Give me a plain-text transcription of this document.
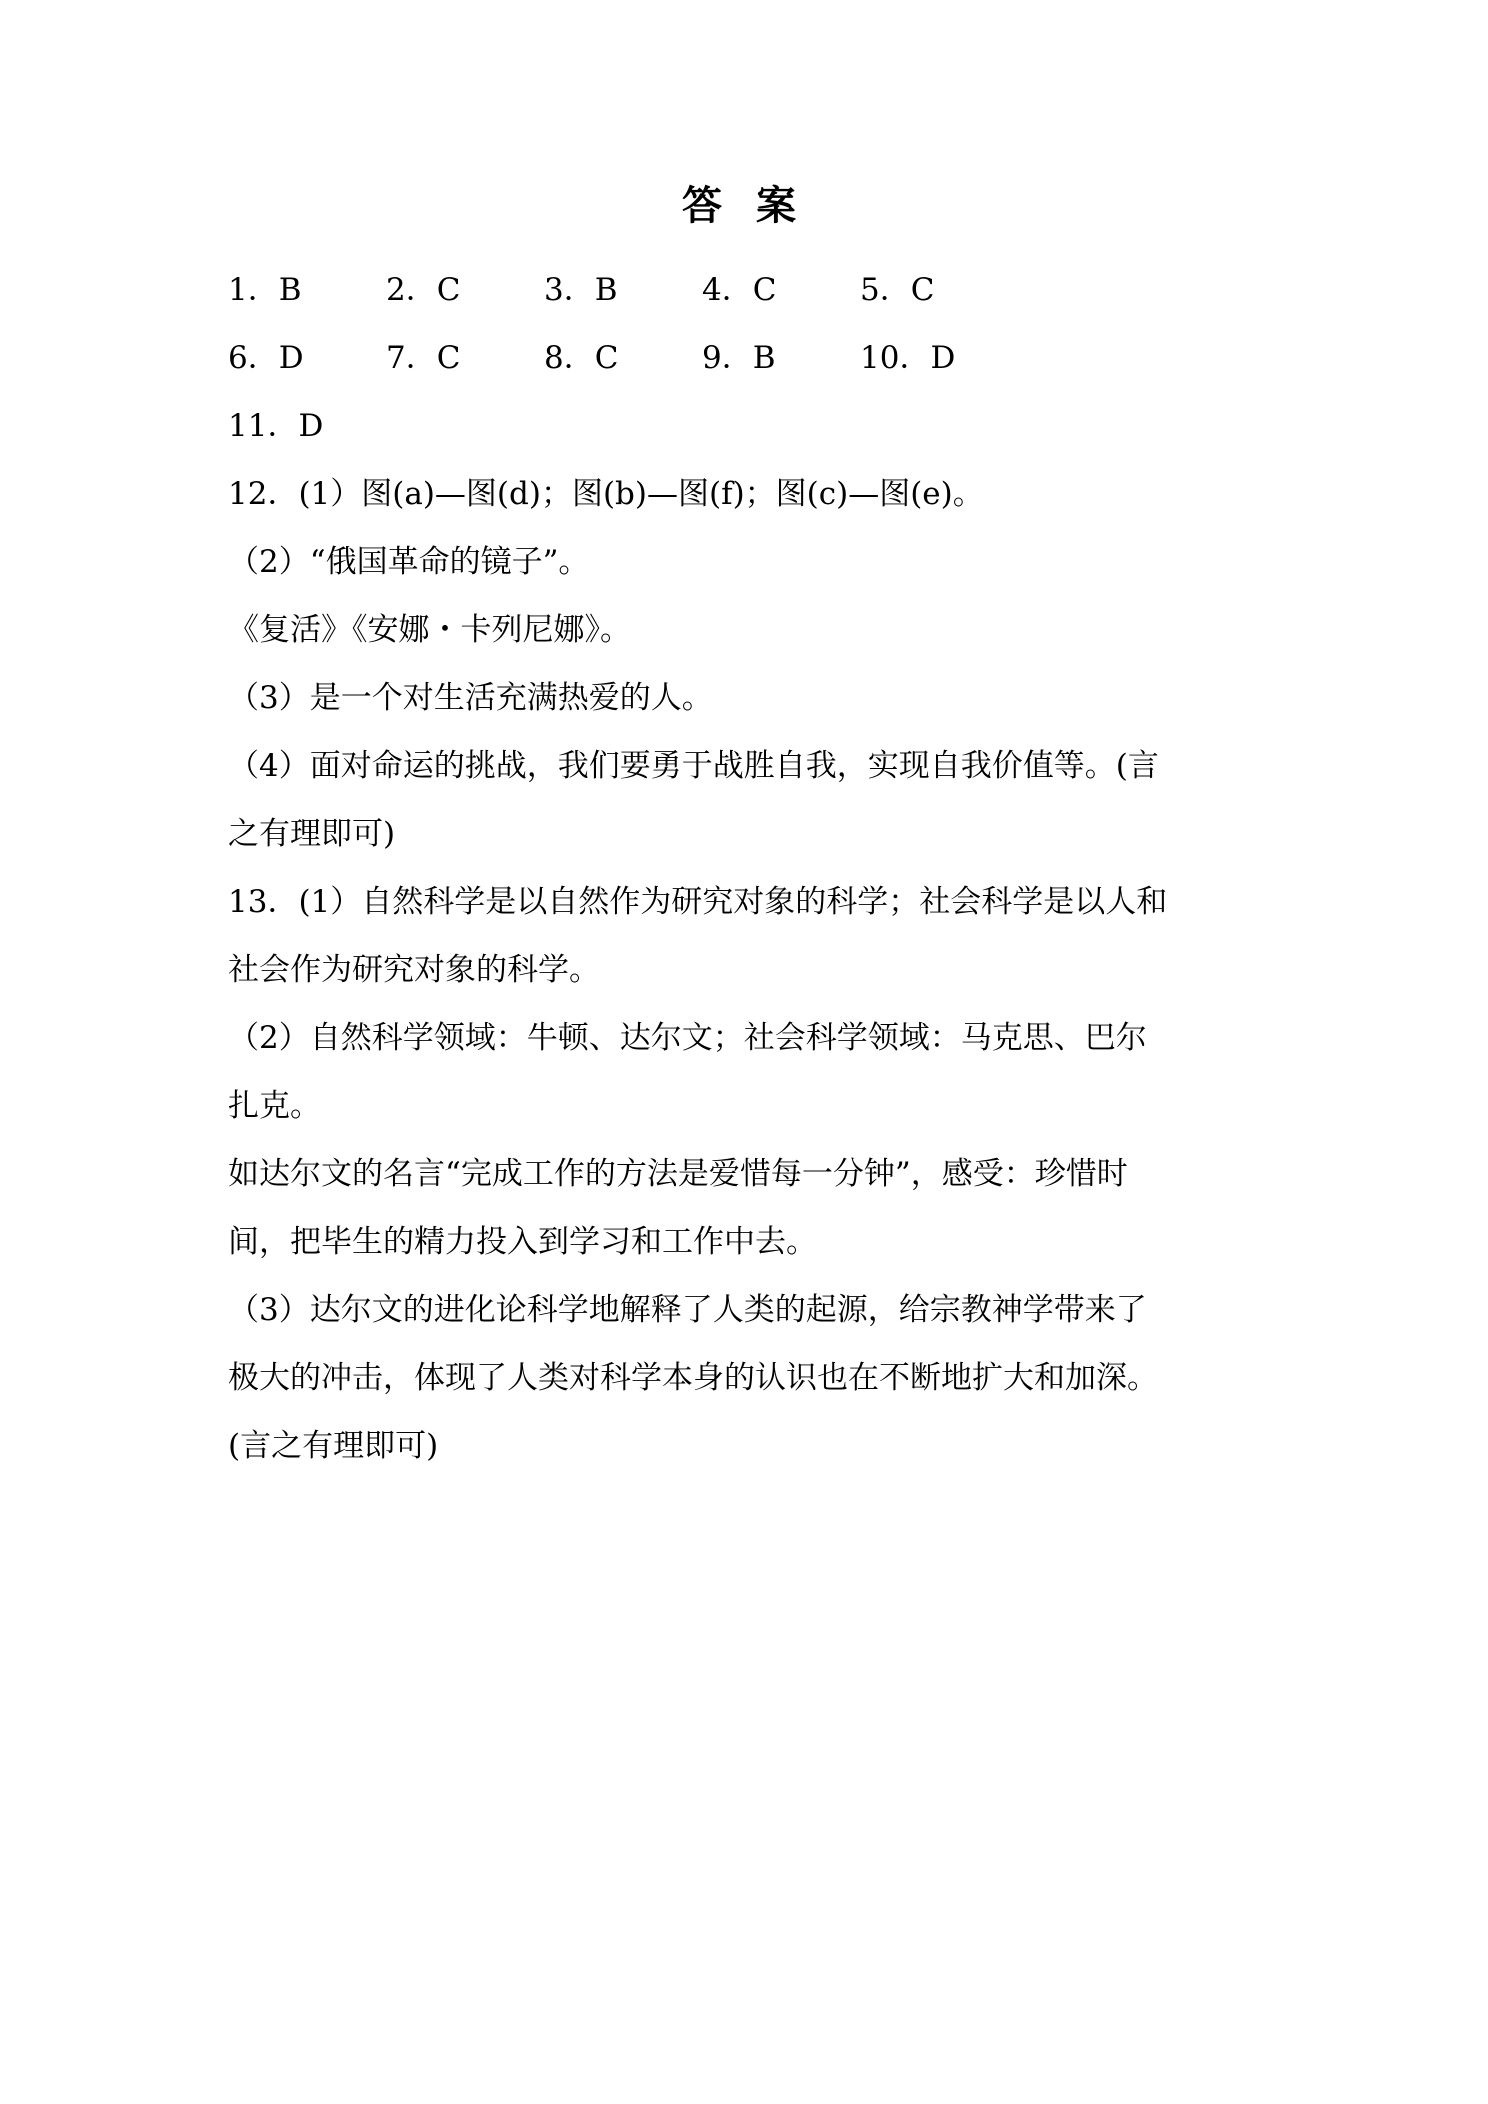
答 案
1．B	2．C	3．B	4．C	5．C
6．D	7．C	8．C	9．B	10．D
11．D
12．(1）图(a)—图(d)；图(b)—图(f)；图(c)—图(e)。
（2）“俄国革命的镜子”。
《复活》《安娜・卡列尼娜》。
（3）是一个对生活充满热爱的人。
（4）面对命运的挑战，我们要勇于战胜自我，实现自我价值等。(言
之有理即可)
13．(1）自然科学是以自然作为研究对象的科学；社会科学是以人和
社会作为研究对象的科学。
（2）自然科学领域：牛顿、达尔文；社会科学领域：马克思、巴尔
扎克。
如达尔文的名言“完成工作的方法是爱惜每一分钟”，感受：珍惜时
间，把毕生的精力投入到学习和工作中去。
（3）达尔文的进化论科学地解释了人类的起源，给宗教神学带来了
极大的冲击，体现了人类对科学本身的认识也在不断地扩大和加深。
(言之有理即可)
